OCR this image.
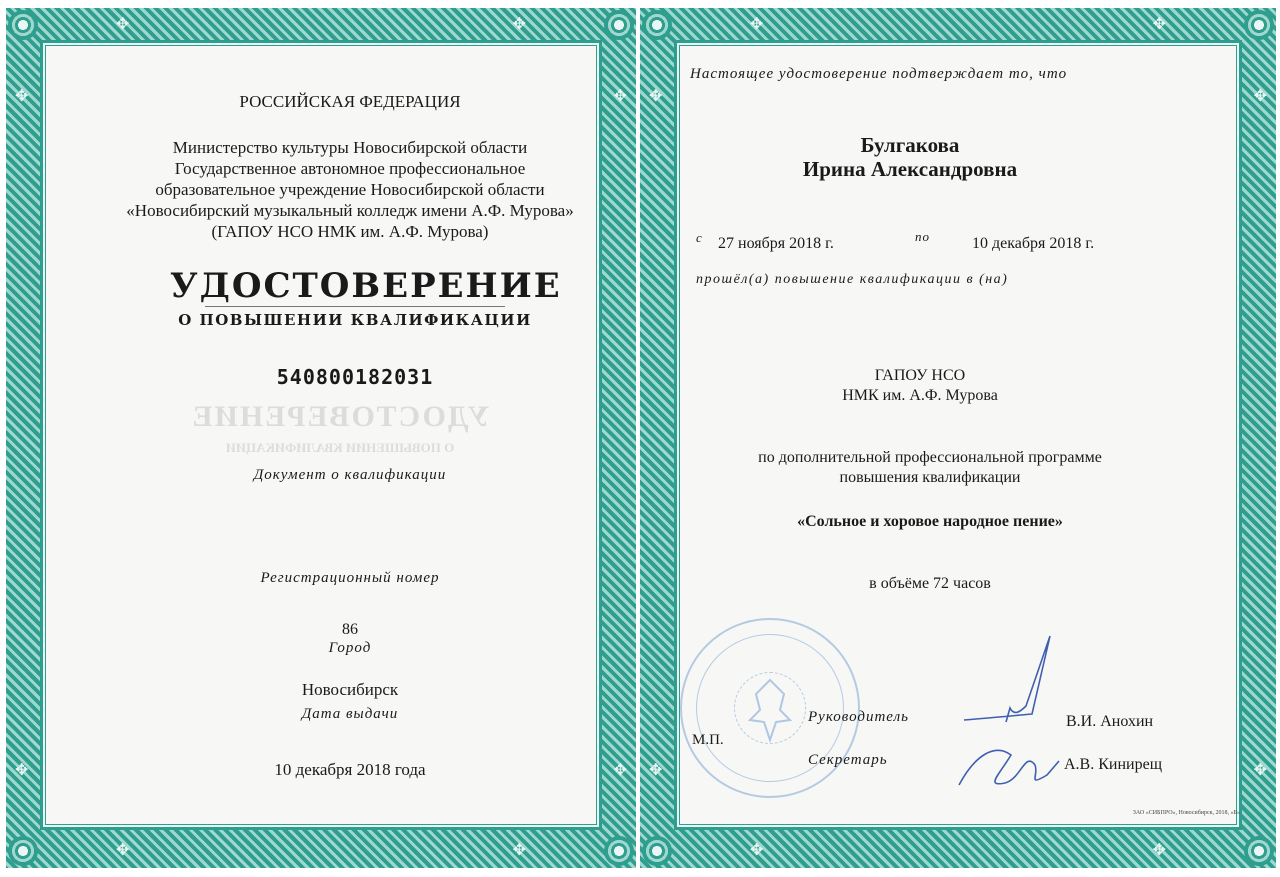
✥	✥
✥	✥
✥	✥
✥	✥
✥	✥
✥	✥
✥	✥
✥	✥
РОССИЙСКАЯ ФЕДЕРАЦИЯ
Министерство культуры Новосибирской области
Государственное автономное профессиональное
образовательное учреждение Новосибирской области
«Новосибирский музыкальный колледж имени А.Ф. Мурова»
(ГАПОУ НСО НМК им. А.Ф. Мурова)
УДОСТОВЕРЕНИЕ
О ПОВЫШЕНИИ КВАЛИФИКАЦИИ
540800182031
УДОСТОВЕРЕНИЕ
О ПОВЫШЕНИИ КВАЛИФИКАЦИИ
Документ о квалификации
Регистрационный номер
86
Город
Новосибирск
Дата выдачи
10 декабря 2018 года
Настоящее удостоверение подтверждает то, что
Булгакова
Ирина Александровна
с 27 ноября 2018 г.	по	10 декабря 2018 г.
прошёл(а) повышение квалификации в (на)
ГАПОУ НСО
НМК им. А.Ф. Мурова
по дополнительной профессиональной программе
повышения квалификации
«Сольное и хоровое народное пение»
в объёме 72 часов
М.П.
Руководитель
Секретарь
В.И. Анохин
А.В. Кинирещ
ЗАО «СИБПРО», Новосибирск, 2018, «Б»
